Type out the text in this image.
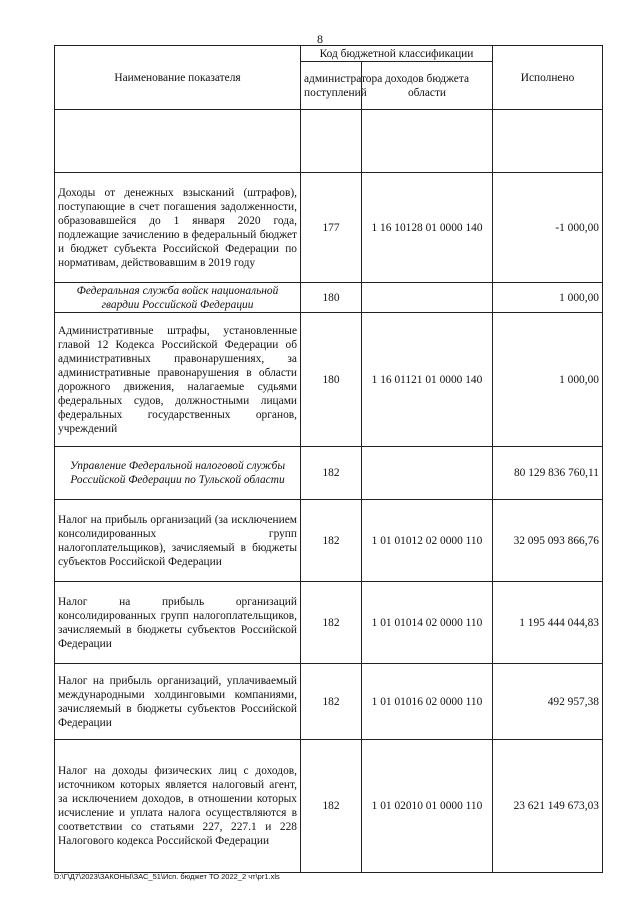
8
Наименование показателя	Код бюджетной классификации		Исполнено
	администратора поступлений	доходов бюджета области	

Доходы от денежных взысканий (штрафов), поступающие в счет погашения задолженности, образовавшейся до 1 января 2020 года, подлежащие зачислению в федеральный бюджет и бюджет субъекта Российской Федерации по нормативам, действовавшим в 2019 году	177	1 16 10128 01 0000 140	-1 000,00
Федеральная служба войск национальной гвардии Российской Федерации	180		1 000,00
Административные штрафы, установленные главой 12 Кодекса Российской Федерации об административных правонарушениях, за административные правонарушения в области дорожного движения, налагаемые судьями федеральных судов, должностными лицами федеральных государственных органов, учреждений	180	1 16 01121 01 0000 140	1 000,00
Управление Федеральной налоговой службы Российской Федерации по Тульской области	182		80 129 836 760,11
Налог на прибыль организаций (за исключением консолидированных групп налогоплательщиков), зачисляемый в бюджеты субъектов Российской Федерации	182	1 01 01012 02 0000 110	32 095 093 866,76
Налог на прибыль организаций консолидированных групп налогоплательщиков, зачисляемый в бюджеты субъектов Российской Федерации	182	1 01 01014 02 0000 110	1 195 444 044,83
Налог на прибыль организаций, уплачиваемый международными холдинговыми компаниями, зачисляемый в бюджеты субъектов Российской Федерации	182	1 01 01016 02 0000 110	492 957,38
Налог на доходы физических лиц с доходов, источником которых является налоговый агент, за исключением доходов, в отношении которых исчисление и уплата налога осуществляются в соответствии со статьями 227, 227.1 и 228 Налогового кодекса Российской Федерации	182	1 01 02010 01 0000 110	23 621 149 673,03
D:\Г\Д7\2023\ЗАКОНЫ\ЗАС_51\Исп. бюджет ТО 2022_2 чт\pr1.xls
